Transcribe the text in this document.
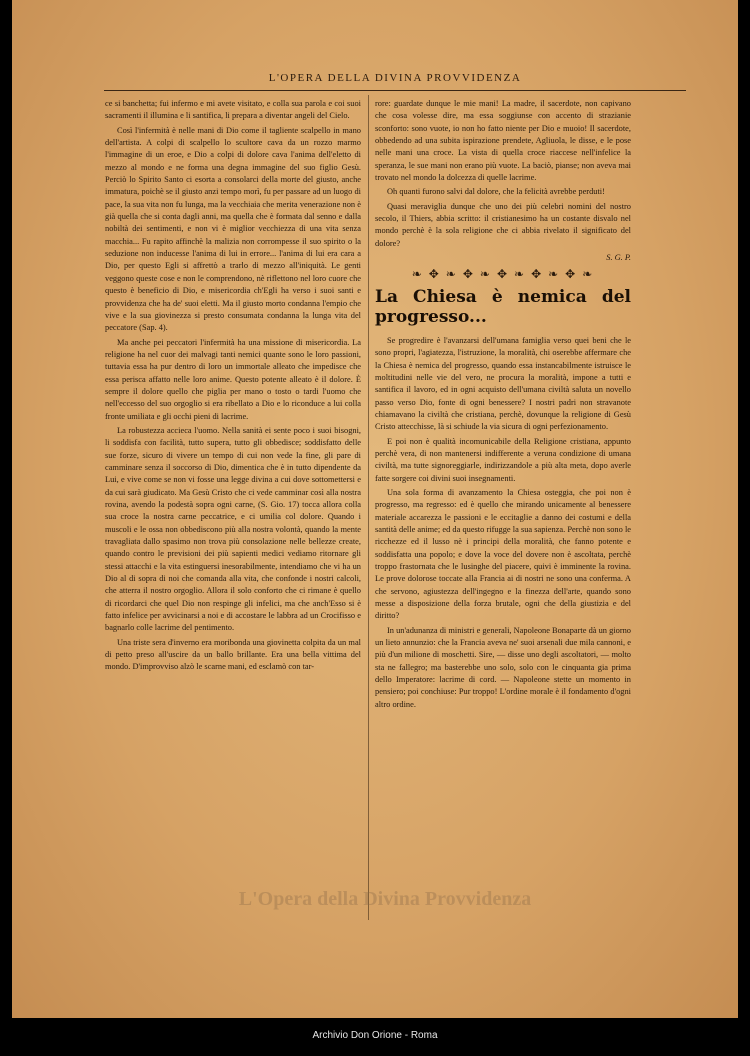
L'OPERA DELLA DIVINA PROVVIDENZA

ce si banchetta; fui infermo e mi avete visitato, e colla sua parola e coi suoi sacramenti il illumina e li santifica, li prepara a diventar angeli del Cielo.

Così l'infermità è nelle mani di Dio come il tagliente scalpello in mano dell'artista. A colpi di scalpello lo scultore cava da un rozzo marmo l'immagine di un eroe, e Dio a colpi di dolore cava l'anima dell'eletto di mezzo al mondo e ne forma una degna immagine del suo figlio Gesù. Perciò lo Spirito Santo ci esorta a consolarci della morte del giusto, anche immatura, poichè se il giusto anzi tempo morì, fu per passare ad un luogo di pace, la sua vita non fu lunga, ma la vecchiaia che merita venerazione non è già quella che si conta dagli anni, ma quella che è formata dal senno e dalla nobiltà dei sentimenti, e non vi è miglior vecchiezza di una vita senza macchia... Fu rapito affinchè la malizia non corrompesse il suo spirito o la seduzione non inducesse l'anima di lui in errore... l'anima di lui era cara a Dio, per questo Egli si affrettò a trarlo di mezzo all'iniquità. Le genti veggono queste cose e non le comprendono, nè riflettono nel loro cuore che questo è beneficio di Dio, e misericordia ch'Egli ha verso i suoi santi e provvidenza che ha de' suoi eletti. Ma il giusto morto condanna l'empio che vive e la sua giovinezza si presto consumata condanna la lunga vita del peccatore (Sap. 4).

Ma anche pei peccatori l'infermità ha una missione di misericordia. La religione ha nel cuor dei malvagi tanti nemici quante sono le loro passioni, tuttavia essa ha pur dentro di loro un immortale alleato che impedisce che essa perisca affatto nelle loro anime. Questo potente alleato è il dolore. È sempre il dolore quello che piglia per mano o tosto o tardi l'uomo che nell'eccesso del suo orgoglio si era ribellato a Dio e lo riconduce a lui colla fronte umiliata e gli occhi pieni di lacrime.

La robustezza accieca l'uomo. Nella sanità ei sente poco i suoi bisogni, li soddisfa con facilità, tutto supera, tutto gli obbedisce; soddisfatto delle sue forze, sicuro di vivere un tempo di cui non vede la fine, gli pare di camminare senza il soccorso di Dio, dimentica che è in tutto dipendente da Lui, e vive come se non vi fosse una legge divina a cui dove sottomettersi e da cui sarà giudicato. Ma Gesù Cristo che ci vede camminar così alla nostra rovina, avendo la podestà sopra ogni carne, (S. Gio. 17) tocca allora colla sua croce la nostra carne peccatrice, e ci umilia col dolore. Quando i muscoli e le ossa non obbediscono più alla nostra volontà, quando la mente travagliata dallo spasimo non trova più consolazione nelle bellezze create, quando contro le previsioni dei più sapienti medici vediamo ritornare gli stessi attacchi e la vita estinguersi inesorabilmente, intendiamo che vi ha un Dio al di sopra di noi che comanda alla vita, che confonde i nostri calcoli, che atterra il nostro orgoglio. Allora il solo conforto che ci rimane è quello di ricordarci che quel Dio non respinge gli infelici, ma che anch'Esso si è fatto infelice per avvicinarsi a noi e di accostare le labbra ad un Crocifisso e bagnarlo colle lacrime del pentimento.

Una triste sera d'inverno era moribonda una giovinetta colpita da un mal di petto preso all'uscire da un ballo brillante. Era una bella vittima del mondo. D'improvviso alzò le scarne mani, ed esclamò con tar-

rore: guardate dunque le mie mani! La madre, il sacerdote, non capivano che cosa volesse dire, ma essa soggiunse con accento di strazianie sconforto: sono vuote, io non ho fatto niente per Dio e muoio! Il sacerdote, obbedendo ad una subita ispirazione prendete, Agliuola, le disse, e le pose nelle mani una croce. La vista di quella croce riaccese nell'infelice la speranza, le sue mani non erano più vuote. La baciò, pianse; non aveva mai trovato nel mondo la dolcezza di quelle lacrime.

Oh quanti furono salvi dal dolore, che la felicità avrebbe perduti!

Quasi meraviglia dunque che uno dei più celebri nomini del nostro secolo, il Thiers, abbia scritto: il cristianesimo ha un costante disvalo nel mondo perchè è la sola religione che ci abbia rivelato il significato del dolore?

S. G. P.
❧ ✥ ❧ ✥ ❧ ✥ ❧ ✥ ❧ ✥ ❧
La Chiesa è nemica del progresso...

Se progredire è l'avanzarsi dell'umana famiglia verso quei beni che le sono propri, l'agiatezza, l'istruzione, la moralità, chi oserebbe affermare che la Chiesa è nemica del progresso, quando essa instancabilmente istruisce le moltitudini nelle vie del vero, ne procura la moralità, impone a tutti e santifica il lavoro, ed in ogni acquisto dell'umana civiltà saluta un novello passo verso Dio, fonte di ogni benessere? I nostri padri non stravanote chiamavano la civiltà che cristiana, perchè, dovunque la religione di Gesù Cristo attecchisse, là si schiude la via sicura di ogni perfezionamento.

E poi non è qualità incomunicabile della Religione cristiana, appunto perchè vera, di non mantenersi indifferente a veruna condizione di umana civiltà, ma tutte signoreggiarle, indirizzandole a più alta meta, dopo averle fatte sorgere coi divini suoi insegnamenti.

Una sola forma di avanzamento la Chiesa osteggia, che poi non è progresso, ma regresso: ed è quello che mirando unicamente al benessere materiale accarezza le passioni e le eccitaglie a danno dei costumi e della santità delle anime; ed da questo rifugge la sua sapienza. Perchè non sono le ricchezze ed il lusso nè i principi della moralità, che fanno potente e soddisfatta una popolo; e dove la voce del dovere non è ascoltata, perchè troppo frastornata che le lusinghe del piacere, quivi è imminente la rovina. Le prove dolorose toccate alla Francia ai di nostri ne sono una conferma. A che servono, agiustezza dell'ingegno e la finezza dell'arte, quando sono messe a disposizione della forza brutale, ogni che della giustizia e del diritto?

In un'adunanza di ministri e generali, Napoleone Bonaparte dà un giorno un lieto annunzio: che la Francia aveva ne' suoi arsenali due mila cannoni, e più d'un milione di moschetti. Sire, — disse uno degli ascoltatori, — molto sta ne fallegro; ma basterebbe uno solo, solo con le cinquanta gia prima dello Imperatore: lacrime di cord. — Napoleone stette un momento in pensiero; poi conchiuse: Pur troppo! L'ordine morale è il fondamento d'ogni altro ordine.

L'Opera della Divina Provvidenza
Archivio Don Orione - Roma
